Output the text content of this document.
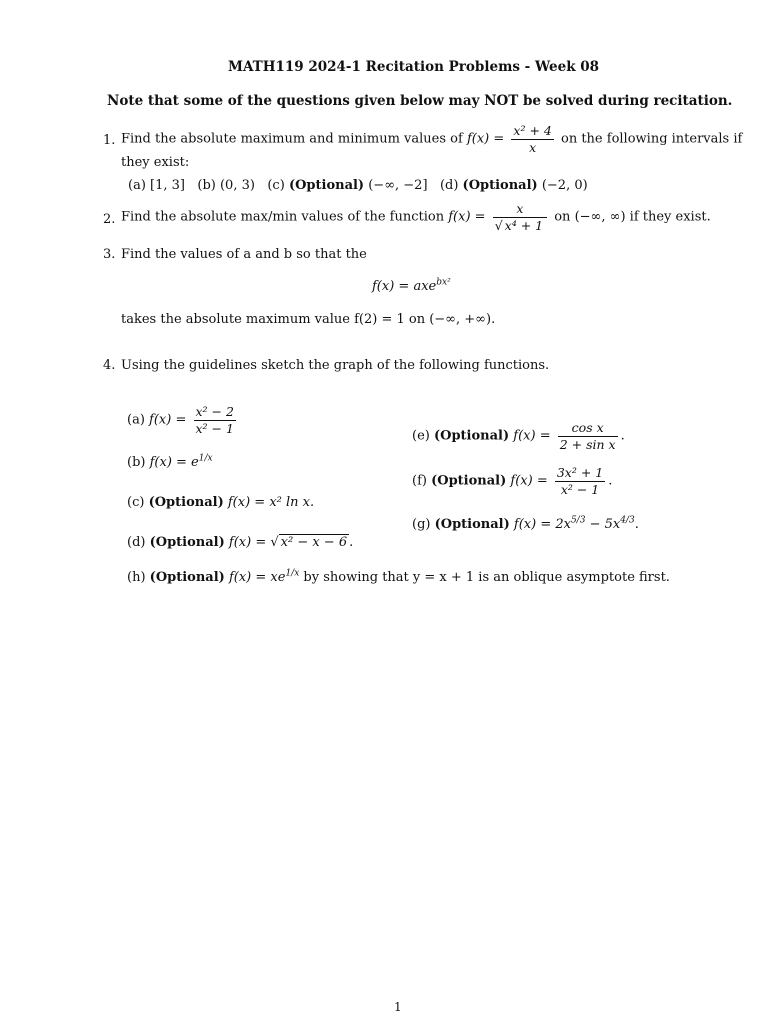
MATH119 2024-1 Recitation Problems - Week 08
Note that some of the questions given below may NOT be solved during recitation.
1. Find the absolute maximum and minimum values of $f(x) = \frac{\text{x² + 4}}{x}$ on the following intervals if
they exist:
(a) [1, 3] (b) (0, 3) (c) (Optional) (−∞, −2] (d) (Optional) (−2, 0)
2. Find the absolute max/min values of the function $f(x) = \frac{x}{\text{√ x⁴ + 1}}$ on (−∞, ∞) if they exist.
3. Find the values of a and b so that the
f(x) = axe$^{bx^2}$
takes the absolute maximum value f(2) = 1 on (−∞, +∞).
4. Using the guidelines sketch the graph of the following functions.
(a) $f(x) = \frac{\text{x² − 2}}{\text{x² − 1}}$
(b) $f(x) = e^{1/x}$
(c) (Optional) f(x) = x² ln x.
(d) (Optional) f(x) = √ x² − x − 6 .
(e) (Optional) $f(x) = \frac{\text{cos x}}{\text{2 + sin x}}$ .
(f) (Optional) $f(x) = \frac{\text{3x² + 1}}{\text{x² − 1}}$ .
(g) (Optional) $f(x) = 2x^{5/3} - 5x^{4/3}$.
(h) (Optional) $f(x) = xe^{1/x}$ by showing that y = x + 1 is an oblique asymptote first.
1
